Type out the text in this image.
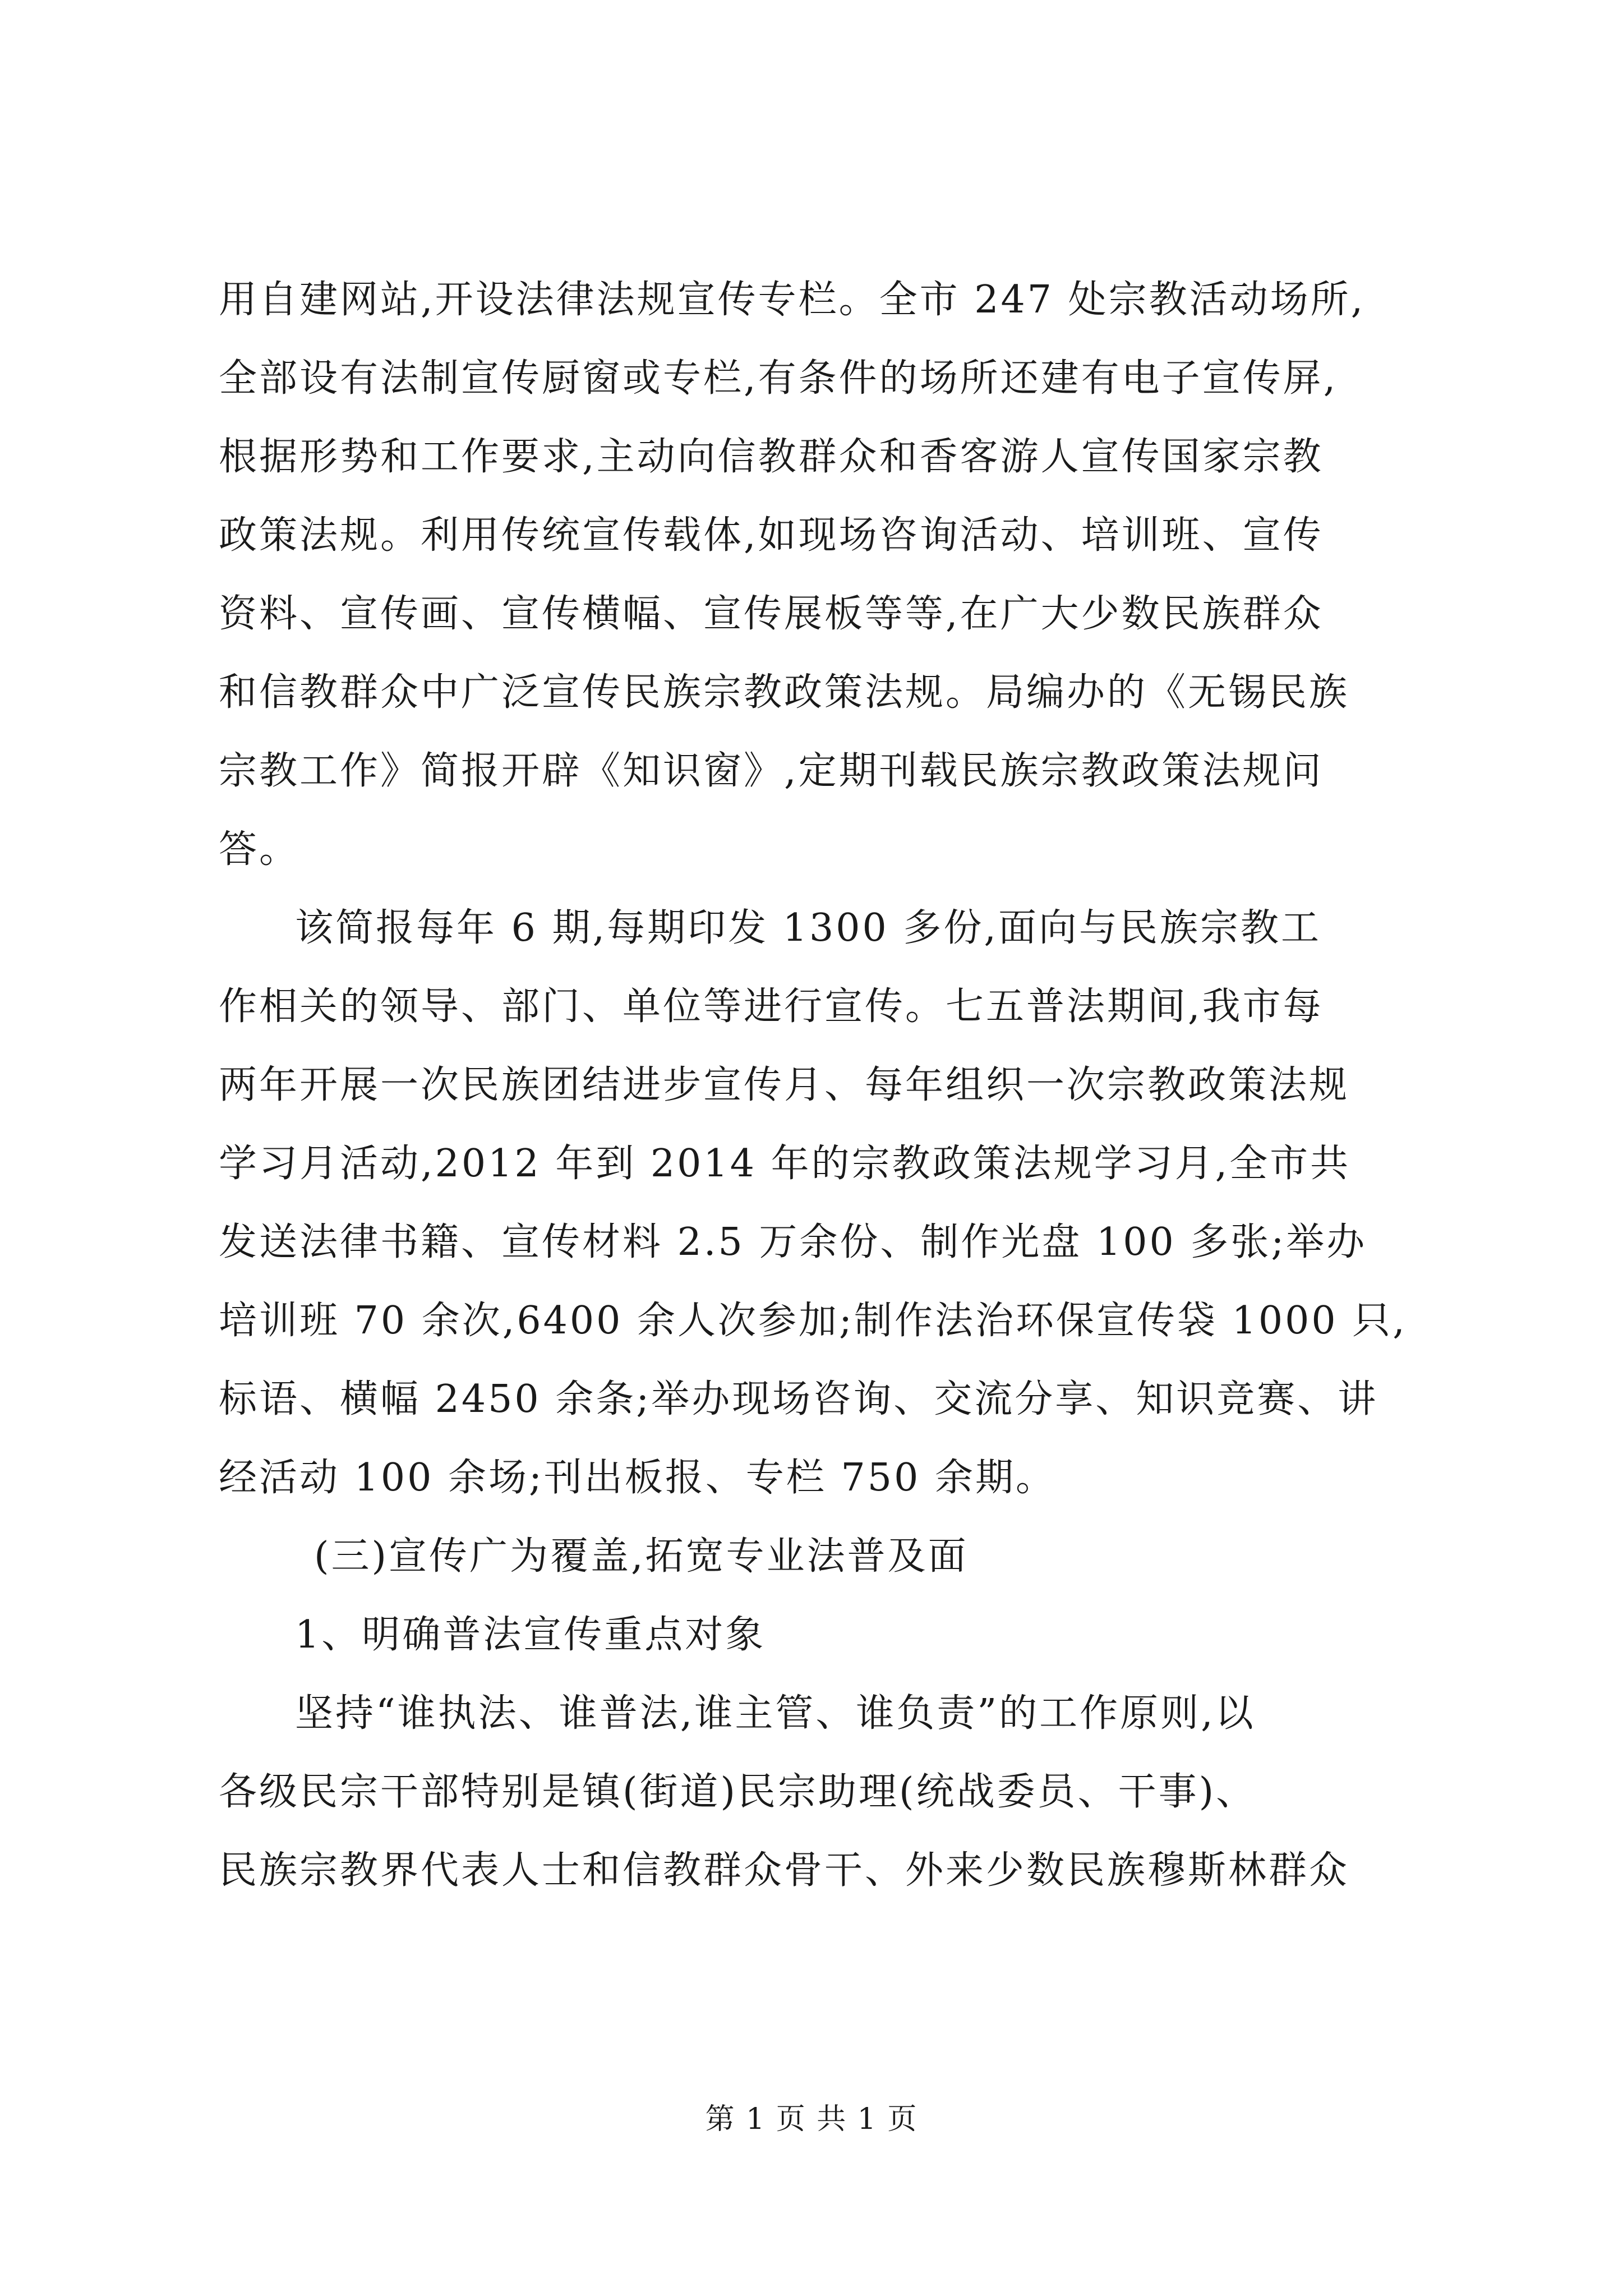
用自建网站,开设法律法规宣传专栏。全市 247 处宗教活动场所,
全部设有法制宣传厨窗或专栏,有条件的场所还建有电子宣传屏,
根据形势和工作要求,主动向信教群众和香客游人宣传国家宗教
政策法规。利用传统宣传载体,如现场咨询活动、培训班、宣传
资料、宣传画、宣传横幅、宣传展板等等,在广大少数民族群众
和信教群众中广泛宣传民族宗教政策法规。局编办的《无锡民族
宗教工作》简报开辟《知识窗》,定期刊载民族宗教政策法规问
答。
该简报每年 6 期,每期印发 1300 多份,面向与民族宗教工
作相关的领导、部门、单位等进行宣传。七五普法期间,我市每
两年开展一次民族团结进步宣传月、每年组织一次宗教政策法规
学习月活动,2012 年到 2014 年的宗教政策法规学习月,全市共
发送法律书籍、宣传材料 2.5 万余份、制作光盘 100 多张;举办
培训班 70 余次,6400 余人次参加;制作法治环保宣传袋 1000 只,
标语、横幅 2450 余条;举办现场咨询、交流分享、知识竞赛、讲
经活动 100 余场;刊出板报、专栏 750 余期。
(三)宣传广为覆盖,拓宽专业法普及面
1、明确普法宣传重点对象
坚持“谁执法、谁普法,谁主管、谁负责”的工作原则,以
各级民宗干部特别是镇(街道)民宗助理(统战委员、干事)、
民族宗教界代表人士和信教群众骨干、外来少数民族穆斯林群众
第 1 页 共 1 页
